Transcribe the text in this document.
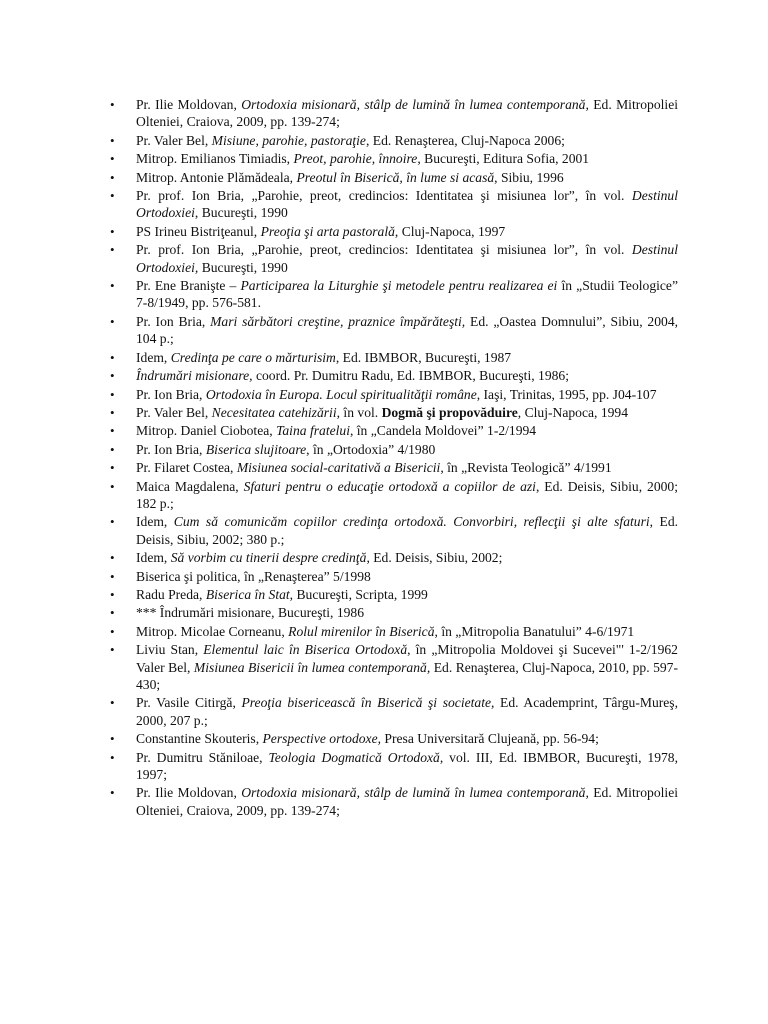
• Pr. Ilie Moldovan, Ortodoxia misionară, stâlp de lumină în lumea contemporană, Ed. Mitropoliei Olteniei, Craiova, 2009, pp. 139-274;
• Pr. Valer Bel, Misiune, parohie, pastoraţie, Ed. Renaşterea, Cluj-Napoca 2006;
• Mitrop. Emilianos Timiadis, Preot, parohie, înnoire, Bucureşti, Editura Sofia, 2001
• Mitrop. Antonie Plămădeala, Preotul în Biserică, în lume si acasă, Sibiu, 1996
• Pr. prof. Ion Bria, „Parohie, preot, credincios: Identitatea şi misiunea lor”, în vol. Destinul Ortodoxiei, Bucureşti, 1990
• PS Irineu Bistriţeanul, Preoţia şi arta pastorală, Cluj-Napoca, 1997
• Pr. prof. Ion Bria, „Parohie, preot, credincios: Identitatea şi misiunea lor”, în vol. Destinul Ortodoxiei, Bucureşti, 1990
• Pr. Ene Branişte – Participarea la Liturghie şi metodele pentru realizarea ei în „Studii Teologice” 7-8/1949, pp. 576-581.
• Pr. Ion Bria, Mari sărbători creştine, praznice împărăteşti, Ed. „Oastea Domnului”, Sibiu, 2004, 104 p.;
• Idem, Credinţa pe care o mărturisim, Ed. IBMBOR, Bucureşti, 1987
• Îndrumări misionare, coord. Pr. Dumitru Radu, Ed. IBMBOR, Bucureşti, 1986;
• Pr. Ion Bria, Ortodoxia în Europa. Locul spiritualităţii române, Iaşi, Trinitas, 1995, pp. J04-107
• Pr. Valer Bel, Necesitatea catehizării, în vol. Dogmă şi propovăduire, Cluj-Napoca, 1994
• Mitrop. Daniel Ciobotea, Taina fratelui, în „Candela Moldovei” 1-2/1994
• Pr. Ion Bria, Biserica slujitoare, în „Ortodoxia” 4/1980
• Pr. Filaret Costea, Misiunea social-caritativă a Bisericii, în „Revista Teologică” 4/1991
• Maica Magdalena, Sfaturi pentru o educaţie ortodoxă a copiilor de azi, Ed. Deisis, Sibiu, 2000; 182 p.;
• Idem, Cum să comunicăm copiilor credinţa ortodoxă. Convorbiri, reflecţii şi alte sfaturi, Ed. Deisis, Sibiu, 2002; 380 p.;
• Idem, Să vorbim cu tinerii despre credinţă, Ed. Deisis, Sibiu, 2002;
• Biserica şi politica, în „Renaşterea” 5/1998
• Radu Preda, Biserica în Stat, Bucureşti, Scripta, 1999
• *** Îndrumări misionare, Bucureşti, 1986
• Mitrop. Micolae Corneanu, Rolul mirenilor în Biserică, în „Mitropolia Banatului” 4-6/1971
• Liviu Stan, Elementul laic în Biserica Ortodoxă, în „Mitropolia Moldovei şi Sucevei"' 1-2/1962 Valer Bel, Misiunea Bisericii în lumea contemporană, Ed. Renaşterea, Cluj-Napoca, 2010, pp. 597-430;
• Pr. Vasile Citirgă, Preoţia bisericească în Biserică şi societate, Ed. Academprint, Târgu-Mureş, 2000, 207 p.;
• Constantine Skouteris, Perspective ortodoxe, Presa Universitară Clujeană, pp. 56-94;
• Pr. Dumitru Stăniloae, Teologia Dogmatică Ortodoxă, vol. III, Ed. IBMBOR, Bucureşti, 1978, 1997;
• Pr. Ilie Moldovan, Ortodoxia misionară, stâlp de lumină în lumea contemporană, Ed. Mitropoliei Olteniei, Craiova, 2009, pp. 139-274;
